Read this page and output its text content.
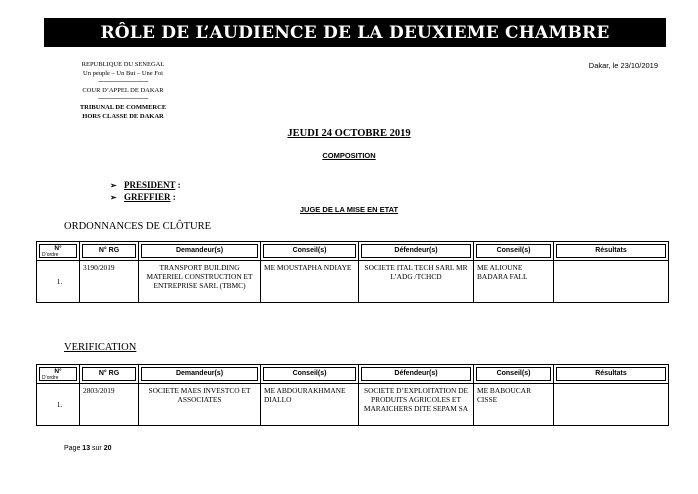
RÔLE DE L’AUDIENCE DE LA DEUXIEME CHAMBRE
REPUBLIQUE DU SENEGAL
Un peuple – Un But – Une Foi
------------------------------
COUR D’APPEL DE DAKAR
------------------------------
TRIBUNAL DE COMMERCE
HORS CLASSE DE DAKAR
Dakar, le 23/10/2019
JEUDI 24 OCTOBRE 2019
COMPOSITION
➢ PRESIDENT :
➢ GREFFIER :
JUGE DE LA MISE EN ETAT
ORDONNANCES DE CLÔTURE
N°
D’ordre	N° RG	Demandeur(s)	Conseil(s)	Défendeur(s)	Conseil(s)	Résultats

1.	3190/2019	TRANSPORT BUILDING MATERIEL CONSTRUCTION ET ENTREPRISE SARL (TBMC)	ME MOUSTAPHA NDIAYE	SOCIETE ITAL TECH SARL MR L’ADG /TCHCD	ME ALIOUNE BADARA FALL	
VERIFICATION
N°
D’ordre	N° RG	Demandeur(s)	Conseil(s)	Défendeur(s)	Conseil(s)	Résultats

1.	2803/2019	SOCIETE MAES INVESTCO ET ASSOCIATES	ME ABDOURAKHMANE DIALLO	SOCIETE D’EXPLOITATION DE PRODUITS AGRICOLES ET MARAICHERS DITE SEPAM SA	ME BABOUCAR CISSE	
Page 13 sur 20
